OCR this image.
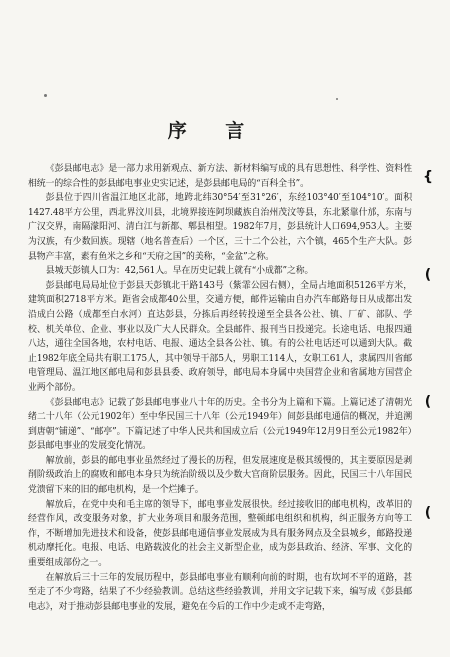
序 言

《彭县邮电志》是一部力求用新观点、新方法、新材料编写成的具有思想性、科学性、资料性相统一的综合性的彭县邮电事业史实记述，是彭县邮电局的“百科全书”。

彭县位于四川省温江地区北部，地跨北纬30°54′至31°26′，东经103°40′至104°10′。面积1427.48平方公里，西北界汶川县，北境界接连阿坝藏族自治州茂汶等县，东北紧靠什邡，东南与广汉交界，南隔濛阳河、清白江与新都、郫县相望。1982年7月，彭县统计人口694,953人。主要为汉族，有少数回族。现辖（地名普查后）一个区，三十二个公社，六个镇，465个生产大队。彭县物产丰富，素有鱼米之乡和“天府之国”的美称，“金盆”之称。

县城天彭镇人口为：42,561人。早在历史记载上就有“小成都”之称。

彭县邮电局局址位于彭县天彭镇北干路143号（紫霏公园右侧），全局占地面积5126平方米，建筑面积2718平方米。距省会成都40公里，交通方便，邮件运输由自办汽车邮路每日从成都出发沿成白公路（成都至白水河）直达彭县，分拣后再经转投递至全县各公社、镇、厂矿、部队、学校、机关单位、企业、事业以及广大人民群众。全县邮件、报刊当日投递完。长途电话、电报四通八达，通往全国各地，农村电话、电报、通达全县各公社、镇。有的公社电话还可以通到大队。截止1982年底全局共有职工175人，其中领导干部5人，男职工114人，女职工61人，隶属四川省邮电管理局、温江地区邮电局和彭县县委、政府领导，邮电局本身属中央国营企业和省属地方国营企业两个部份。

《彭县邮电志》记载了彭县邮电事业八十年的历史。全书分为上篇和下篇。上篇记述了清朝光绪二十八年（公元1902年）至中华民国三十八年（公元1949年）间彭县邮电通信的概况，并追溯到唐朝“铺递”、“邮亭”。下篇记述了中华人民共和国成立后（公元1949年12月9日至公元1982年）彭县邮电事业的发展变化情况。

解放前，彭县的邮电事业虽然经过了漫长的历程，但发展速度是极其缓慢的，其主要原因是剥削阶级政治上的腐败和邮电本身只为统治阶级以及少数大官商阶层服务。因此，民国三十八年国民党溃留下来的旧的邮电机构，是一个烂摊子。

解放后，在党中央和毛主席的领导下，邮电事业发展很快。经过接收旧的邮电机构，改革旧的经营作风，改变服务对象，扩大业务项目和服务范围，整顿邮电组织和机构，纠正服务方向等工作，不断增加先进技术和设备，使彭县邮电通信事业发展成为具有服务网点及全县城乡，邮路投递机动摩托化。电报、电话、电路载波化的社会主义新型企业，成为彭县政治、经济、军事、文化的重要组成部份之一。

在解放后三十三年的发展历程中，彭县邮电事业有顺利向前的时期，也有坎坷不平的道路，甚至走了不少弯路，结果了不少经验教训。总结这些经验教训，并用文字记载下来，编写成《彭县邮电志》，对于推动彭县邮电事业的发展，避免在今后的工作中少走或不走弯路，

{
(
(
(
